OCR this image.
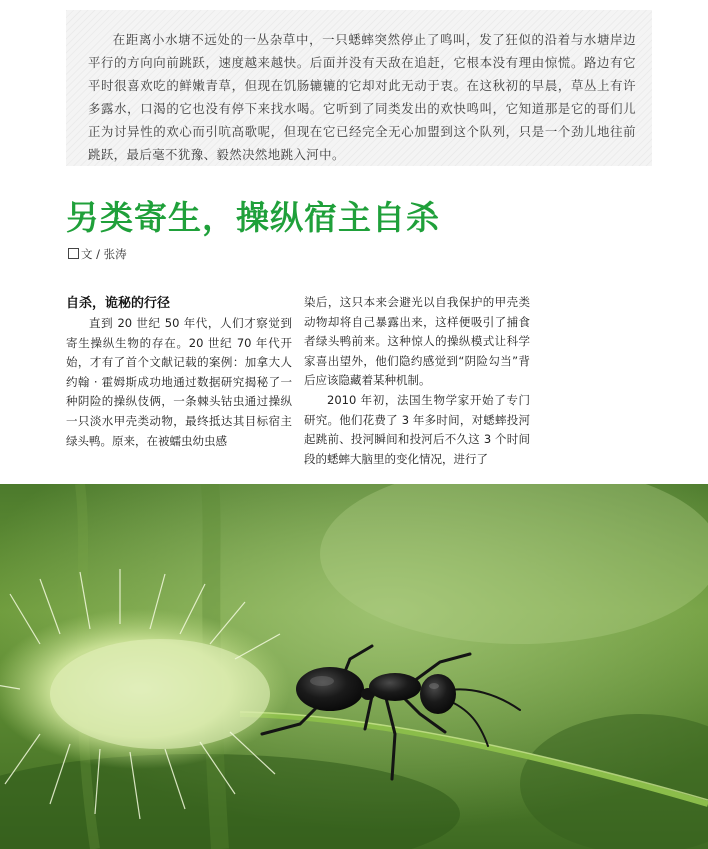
在距离小水塘不远处的一丛杂草中，一只蟋蟀突然停止了鸣叫，发了狂似的沿着与水塘岸边平行的方向向前跳跃，速度越来越快。后面并没有天敌在追赶，它根本没有理由惊慌。路边有它平时很喜欢吃的鲜嫩青草，但现在饥肠辘辘的它却对此无动于衷。在这秋初的早晨，草丛上有许多露水，口渴的它也没有停下来找水喝。它听到了同类发出的欢快鸣叫，它知道那是它的哥们儿正为讨异性的欢心而引吭高歌呢，但现在它已经完全无心加盟到这个队列，只是一个劲儿地往前跳跃，最后毫不犹豫、毅然决然地跳入河中。

另类寄生，操纵宿主自杀
文 / 张涛

自杀，诡秘的行径

直到 20 世纪 50 年代，人们才察觉到寄生操纵生物的存在。20 世纪 70 年代开始，才有了首个文献记载的案例：加拿大人约翰 · 霍姆斯成功地通过数据研究揭秘了一种阴险的操纵伎俩，一条棘头钴虫通过操纵一只淡水甲壳类动物，最终抵达其目标宿主绿头鸭。原来，在被蠕虫幼虫感

染后，这只本来会避光以自我保护的甲壳类动物却将自己暴露出来，这样便吸引了捕食者绿头鸭前来。这种惊人的操纵模式让科学家喜出望外，他们隐约感觉到“阴险勾当”背后应该隐藏着某种机制。

2010 年初，法国生物学家开始了专门研究。他们花费了 3 年多时间，对蟋蟀投河起跳前、投河瞬间和投河后不久这 3 个时间段的蟋蟀大脑里的变化情况，进行了
